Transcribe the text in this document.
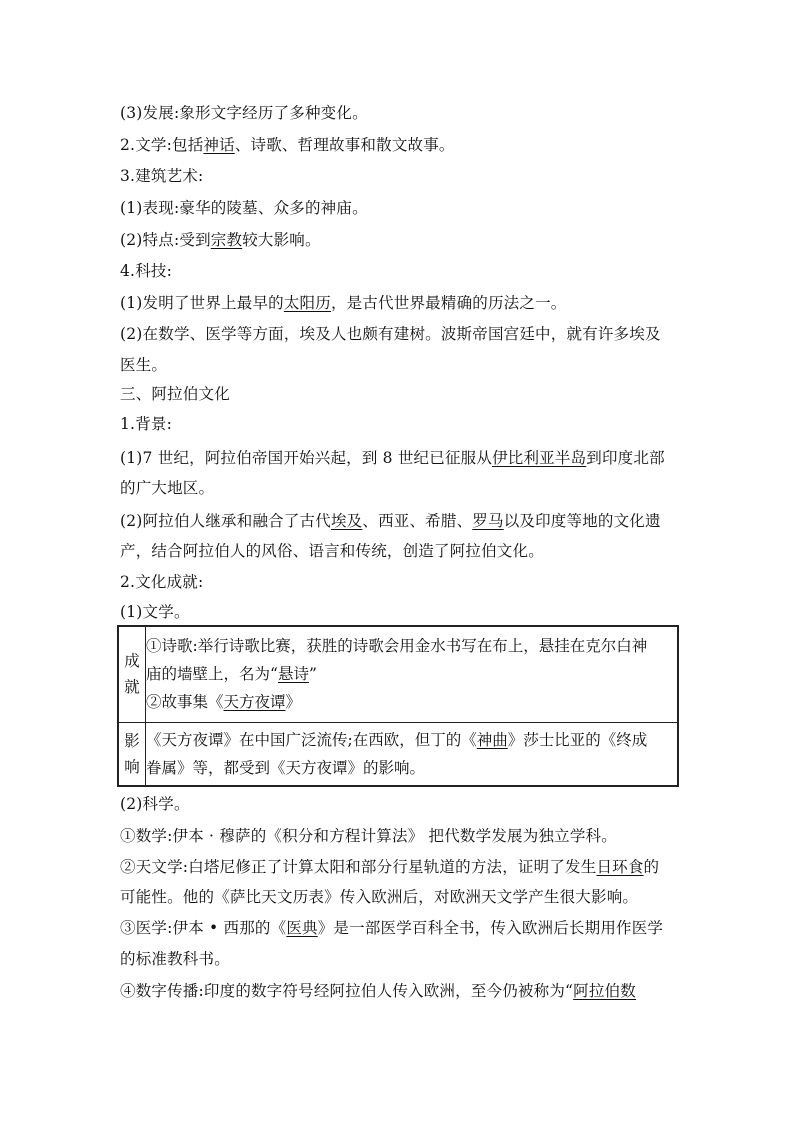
(3)发展:象形文字经历了多种变化。
2.文学:包括神话、诗歌、哲理故事和散文故事。
3.建筑艺术:
(1)表现:豪华的陵墓、众多的神庙。
(2)特点:受到宗教较大影响。
4.科技:
(1)发明了世界上最早的太阳历，是古代世界最精确的历法之一。
(2)在数学、医学等方面，埃及人也颇有建树。波斯帝国宫廷中，就有许多埃及
医生。
三、阿拉伯文化
1.背景:
(1)7 世纪，阿拉伯帝国开始兴起，到 8 世纪已征服从伊比利亚半岛到印度北部
的广大地区。
(2)阿拉伯人继承和融合了古代埃及、西亚、希腊、罗马以及印度等地的文化遗
产，结合阿拉伯人的风俗、语言和传统，创造了阿拉伯文化。
2.文化成就:
(1)文学。
成
就	①诗歌:举行诗歌比赛，获胜的诗歌会用金水书写在布上，悬挂在克尔白神
庙的墙壁上，名为“悬诗”
②故事集《天方夜谭》

影
响	《天方夜谭》在中国广泛流传;在西欧，但丁的《神曲》莎士比亚的《终成
眷属》等，都受到《天方夜谭》的影响。
(2)科学。
①数学:伊本 · 穆萨的《积分和方程计算法》 把代数学发展为独立学科。
②天文学:白塔尼修正了计算太阳和部分行星轨道的方法，证明了发生日环食的
可能性。他的《萨比天文历表》传入欧洲后，对欧洲天文学产生很大影响。
③医学:伊本 • 西那的《医典》是一部医学百科全书，传入欧洲后长期用作医学
的标准教科书。
④数字传播:印度的数字符号经阿拉伯人传入欧洲，至今仍被称为“阿拉伯数
